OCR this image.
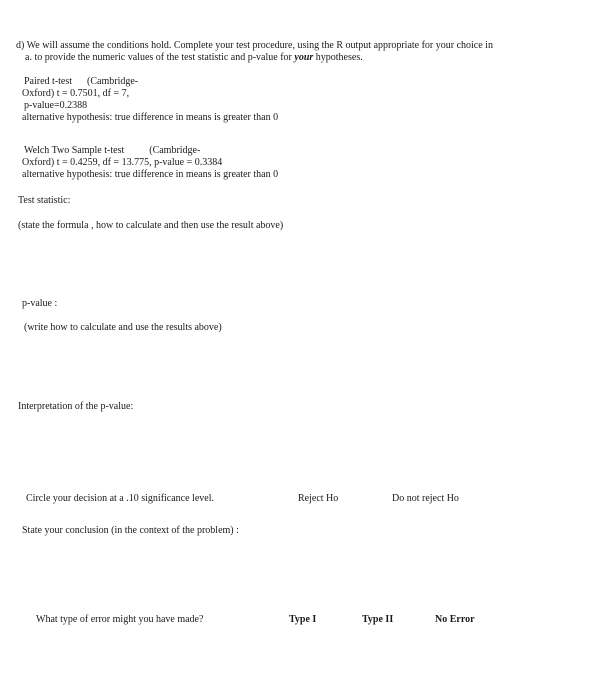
d) We will assume the conditions hold. Complete your test procedure, using the R output appropriate for your choice in
a. to provide the numeric values of the test statistic and p-value for your hypotheses.
Paired t-test      (Cambridge-
Oxford) t = 0.7501, df = 7,
p-value=0.2388
alternative hypothesis: true difference in means is greater than 0
Welch Two Sample t-test          (Cambridge-
Oxford) t = 0.4259, df = 13.775, p-value = 0.3384
alternative hypothesis: true difference in means is greater than 0
Test statistic:
(state the formula , how to calculate and then use the result above)
p-value :
(write how to calculate and use the results above)
Interpretation of the p-value:
Circle your decision at a .10 significance level.	Reject Ho	Do not reject Ho
State your conclusion (in the context of the problem) :
What type of error might you have made?	Type I	Type II	No Error
